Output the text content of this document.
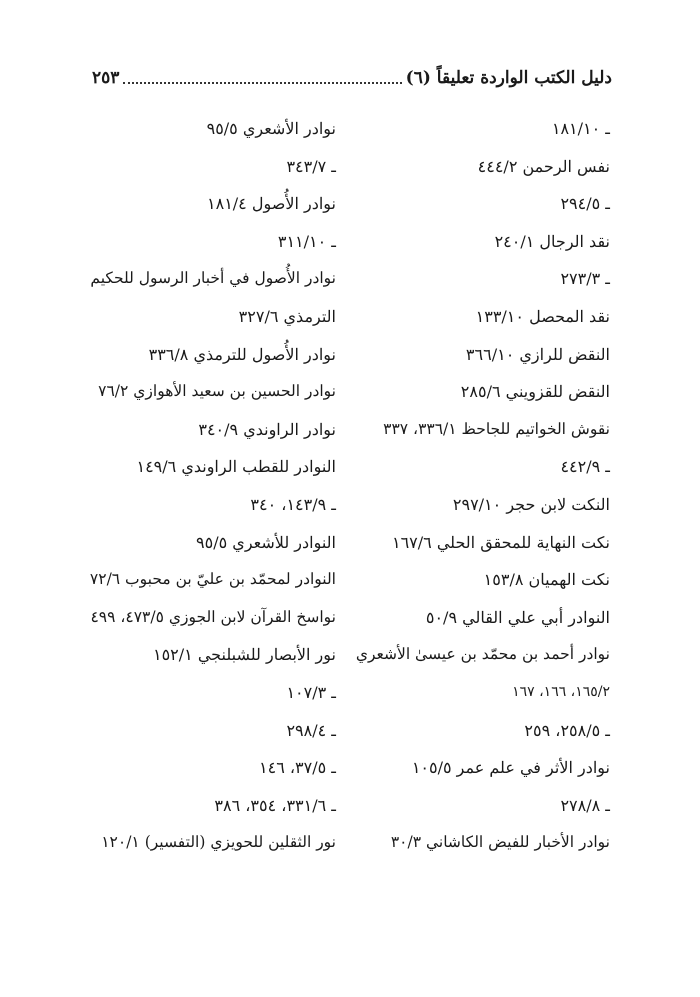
دليل الكتب الواردة تعليقاً (٦)
٢٥٣
ـ ١٨١/١٠
نفس الرحمن ٤٤٤/٢
ـ ٢٩٤/٥
نقد الرجال ٢٤٠/١
ـ ٢٧٣/٣
نقد المحصل ١٣٣/١٠
النقض للرازي ٣٦٦/١٠
النقض للقزويني ٢٨٥/٦
نقوش الخواتيم للجاحظ ٣٣٦/١، ٣٣٧
ـ ٤٤٢/٩
النكت لابن حجر ٢٩٧/١٠
نكت النهاية للمحقق الحلي ١٦٧/٦
نكت الهميان ١٥٣/٨
النوادر أبي علي القالي ٥٠/٩
نوادر أحمد بن محمّد بن عيسىٰ الأشعري
١٦٥/٢، ١٦٦، ١٦٧
ـ ٢٥٨/٥، ٢٥٩
نوادر الأثر في علم عمر ١٠٥/٥
ـ ٢٧٨/٨
نوادر الأخبار للفيض الكاشاني ٣٠/٣
نوادر الأشعري ٩٥/٥
ـ ٣٤٣/٧
نوادر الأُصول ١٨١/٤
ـ ٣١١/١٠
نوادر الأُصول في أخبار الرسول للحكيم
الترمذي ٣٢٧/٦
نوادر الأُصول للترمذي ٣٣٦/٨
نوادر الحسين بن سعيد الأهوازي ٧٦/٢
نوادر الراوندي ٣٤٠/٩
النوادر للقطب الراوندي ١٤٩/٦
ـ ١٤٣/٩، ٣٤٠
النوادر للأشعري ٩٥/٥
النوادر لمحمّد بن عليّ بن محبوب ٧٢/٦
نواسخ القرآن لابن الجوزي ٤٧٣/٥، ٤٩٩
نور الأبصار للشبلنجي ١٥٢/١
ـ ١٠٧/٣
ـ ٢٩٨/٤
ـ ٣٧/٥، ١٤٦
ـ ٣٣١/٦، ٣٥٤، ٣٨٦
نور الثقلين للحويزي (التفسير) ١٢٠/١
